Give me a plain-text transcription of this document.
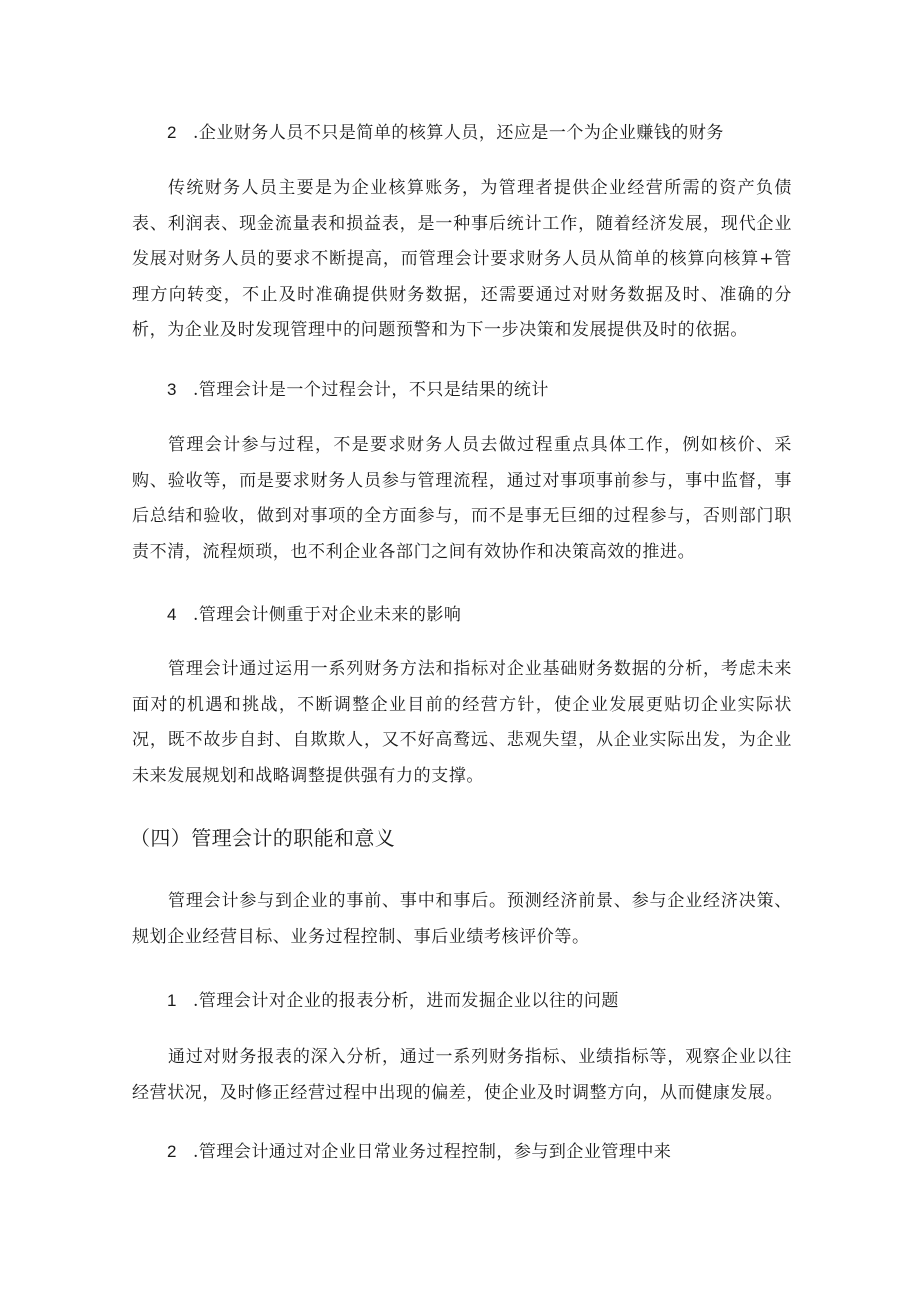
2 .企业财务人员不只是简单的核算人员，还应是一个为企业赚钱的财务

传统财务人员主要是为企业核算账务，为管理者提供企业经营所需的资产负债表、利润表、现金流量表和损益表，是一种事后统计工作，随着经济发展，现代企业发展对财务人员的要求不断提高，而管理会计要求财务人员从简单的核算向核算+管理方向转变，不止及时准确提供财务数据，还需要通过对财务数据及时、准确的分析，为企业及时发现管理中的问题预警和为下一步决策和发展提供及时的依据。

3 .管理会计是一个过程会计，不只是结果的统计

管理会计参与过程，不是要求财务人员去做过程重点具体工作，例如核价、采购、验收等，而是要求财务人员参与管理流程，通过对事项事前参与，事中监督，事后总结和验收，做到对事项的全方面参与，而不是事无巨细的过程参与，否则部门职责不清，流程烦琐，也不利企业各部门之间有效协作和决策高效的推进。

4 .管理会计侧重于对企业未来的影响

管理会计通过运用一系列财务方法和指标对企业基础财务数据的分析，考虑未来面对的机遇和挑战，不断调整企业目前的经营方针，使企业发展更贴切企业实际状况，既不故步自封、自欺欺人，又不好高鹜远、悲观失望，从企业实际出发，为企业未来发展规划和战略调整提供强有力的支撑。

（四）管理会计的职能和意义

管理会计参与到企业的事前、事中和事后。预测经济前景、参与企业经济决策、规划企业经营目标、业务过程控制、事后业绩考核评价等。

1 .管理会计对企业的报表分析，进而发掘企业以往的问题

通过对财务报表的深入分析，通过一系列财务指标、业绩指标等，观察企业以往经营状况，及时修正经营过程中出现的偏差，使企业及时调整方向，从而健康发展。

2 .管理会计通过对企业日常业务过程控制，参与到企业管理中来
